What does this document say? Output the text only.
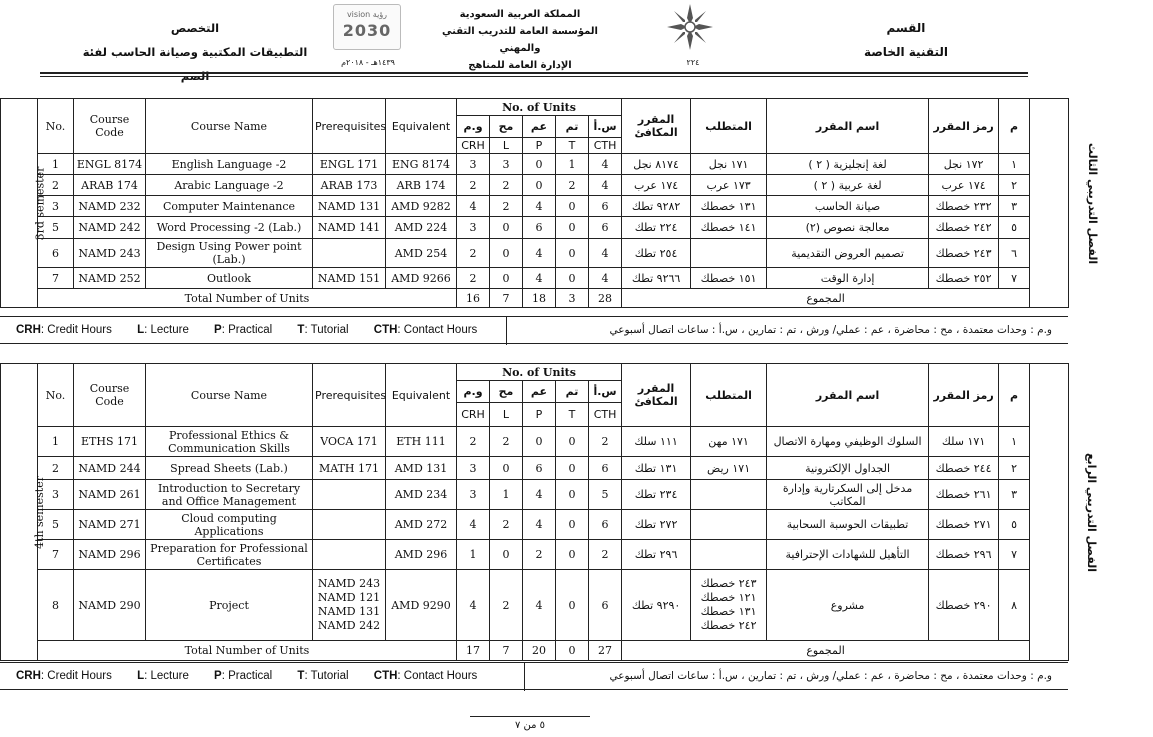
القسم
التقنية الخاصة
٢٢٤
المملكة العربية السعودية
المؤسسة العامة للتدريب التقني والمهني
الإدارة العامة للمناهج
vision رؤية
2030
١٤٣٩هـ - ٢٠١٨م
التخصص
التطبيقات المكتبية وصيانة الحاسب لفئة الصم
3rd semester	No.	Course Code	Course Name	Prerequisites	Equivalent	No. of Units					المقرر المكافئ	المتطلب	اسم المقرر	رمز المقرر	م	الفصل التدريبي الثالث
						و.م	مح	عم	تم	س.أ						
						CRH	L	P	T	CTH						
	1	ENGL 8174	English Language -2	ENGL 171	ENG 8174	3	3	0	1	4	٨١٧٤ نجل	١٧١ نجل	لغة إنجليزية ( ٢ )	١٧٢ نجل	١	
	2	ARAB 174	Arabic Language -2	ARAB 173	ARB 174	2	2	0	2	4	١٧٤ عرب	١٧٣ عرب	لغة عربية ( ٢ )	١٧٤ عرب	٢	
	3	NAMD 232	Computer Maintenance	NAMD 131	AMD 9282	4	2	4	0	6	٩٢٨٢ تطك	١٣١ خصطك	صيانة الحاسب	٢٣٢ خصطك	٣	
	5	NAMD 242	Word Processing -2 (Lab.)	NAMD 141	AMD 224	3	0	6	0	6	٢٢٤ تطك	١٤١ خصطك	معالجة نصوص (٢)	٢٤٢ خصطك	٥	
	6	NAMD 243	Design Using Power point (Lab.)		AMD 254	2	0	4	0	4	٢٥٤ تطك		تصميم العروض التقديمية	٢٤٣ خصطك	٦	
	7	NAMD 252	Outlook	NAMD 151	AMD 9266	2	0	4	0	4	٩٢٦٦ تطك	١٥١ خصطك	إدارة الوقت	٢٥٢ خصطك	٧	
	Total Number of Units					16	7	18	3	28	المجموع					
CRH: Credit Hours L: Lecture P: Practical T: Tutorial CTH: Contact Hours	و.م : وحدات معتمدة ، مح : محاضرة ، عم : عملي/ ورش ، تم : تمارين ، س.أ : ساعات اتصال أسبوعي
4th semester	No.	Course Code	Course Name	Prerequisites	Equivalent	No. of Units					المقرر المكافئ	المتطلب	اسم المقرر	رمز المقرر	م	الفصل التدريبي الرابع
						و.م	مح	عم	تم	س.أ						
						CRH	L	P	T	CTH						
	1	ETHS 171	Professional Ethics & Communication Skills	VOCA 171	ETH 111	2	2	0	0	2	١١١ سلك	١٧١ مهن	السلوك الوظيفي ومهارة الاتصال	١٧١ سلك	١	
	2	NAMD 244	Spread Sheets (Lab.)	MATH 171	AMD 131	3	0	6	0	6	١٣١ تطك	١٧١ ريض	الجداول الإلكترونية	٢٤٤ خصطك	٢	
	3	NAMD 261	Introduction to Secretary and Office Management		AMD 234	3	1	4	0	5	٢٣٤ تطك		مدخل إلى السكرتارية وإدارة المكاتب	٢٦١ خصطك	٣	
	5	NAMD 271	Cloud computing Applications		AMD 272	4	2	4	0	6	٢٧٢ تطك		تطبيقات الحوسبة السحابية	٢٧١ خصطك	٥	
	7	NAMD 296	Preparation for Professional Certificates		AMD 296	1	0	2	0	2	٢٩٦ تطك		التأهيل للشهادات الإحترافية	٢٩٦ خصطك	٧	
	8	NAMD 290	Project	NAMD 243
NAMD 121
NAMD 131
NAMD 242	AMD 9290	4	2	4	0	6	٩٢٩٠ تطك	٢٤٣ خصطك
١٢١ خصطك
١٣١ خصطك
٢٤٢ خصطك	مشروع	٢٩٠ خصطك	٨	
	Total Number of Units					17	7	20	0	27	المجموع					
CRH: Credit Hours L: Lecture P: Practical T: Tutorial CTH: Contact Hours	و.م : وحدات معتمدة ، مح : محاضرة ، عم : عملي/ ورش ، تم : تمارين ، س.أ : ساعات اتصال أسبوعي
٥ من ٧
